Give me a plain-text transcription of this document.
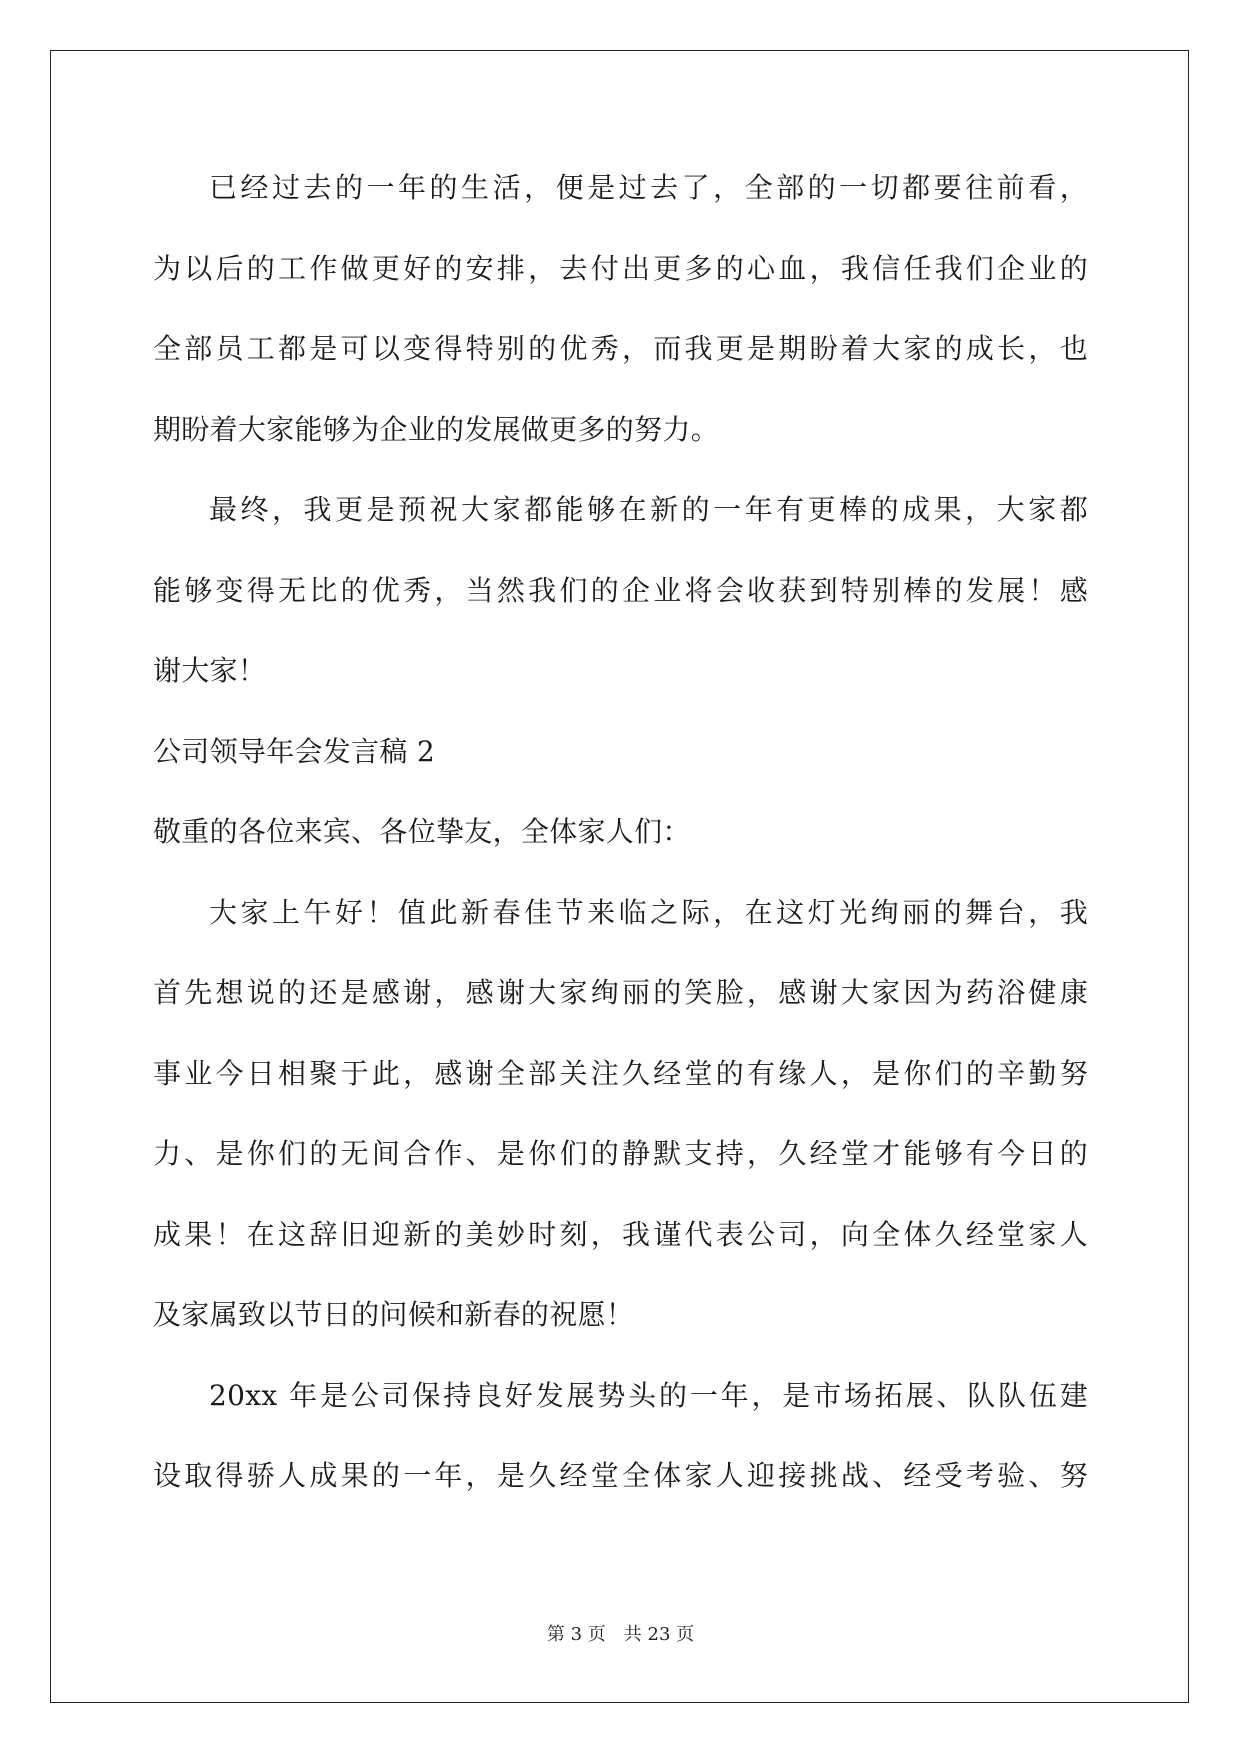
已经过去的一年的生活，便是过去了，全部的一切都要往前看，
为以后的工作做更好的安排，去付出更多的心血，我信任我们企业的
全部员工都是可以变得特别的优秀，而我更是期盼着大家的成长，也
期盼着大家能够为企业的发展做更多的努力。
最终，我更是预祝大家都能够在新的一年有更棒的成果，大家都
能够变得无比的优秀，当然我们的企业将会收获到特别棒的发展！感
谢大家！
公司领导年会发言稿 2
敬重的各位来宾、各位挚友，全体家人们：
大家上午好！值此新春佳节来临之际，在这灯光绚丽的舞台，我
首先想说的还是感谢，感谢大家绚丽的笑脸，感谢大家因为药浴健康
事业今日相聚于此，感谢全部关注久经堂的有缘人，是你们的辛勤努
力、是你们的无间合作、是你们的静默支持，久经堂才能够有今日的
成果！在这辞旧迎新的美妙时刻，我谨代表公司，向全体久经堂家人
及家属致以节日的问候和新春的祝愿！
20xx 年是公司保持良好发展势头的一年，是市场拓展、队队伍建
设取得骄人成果的一年，是久经堂全体家人迎接挑战、经受考验、努
第 3 页　共 23 页
